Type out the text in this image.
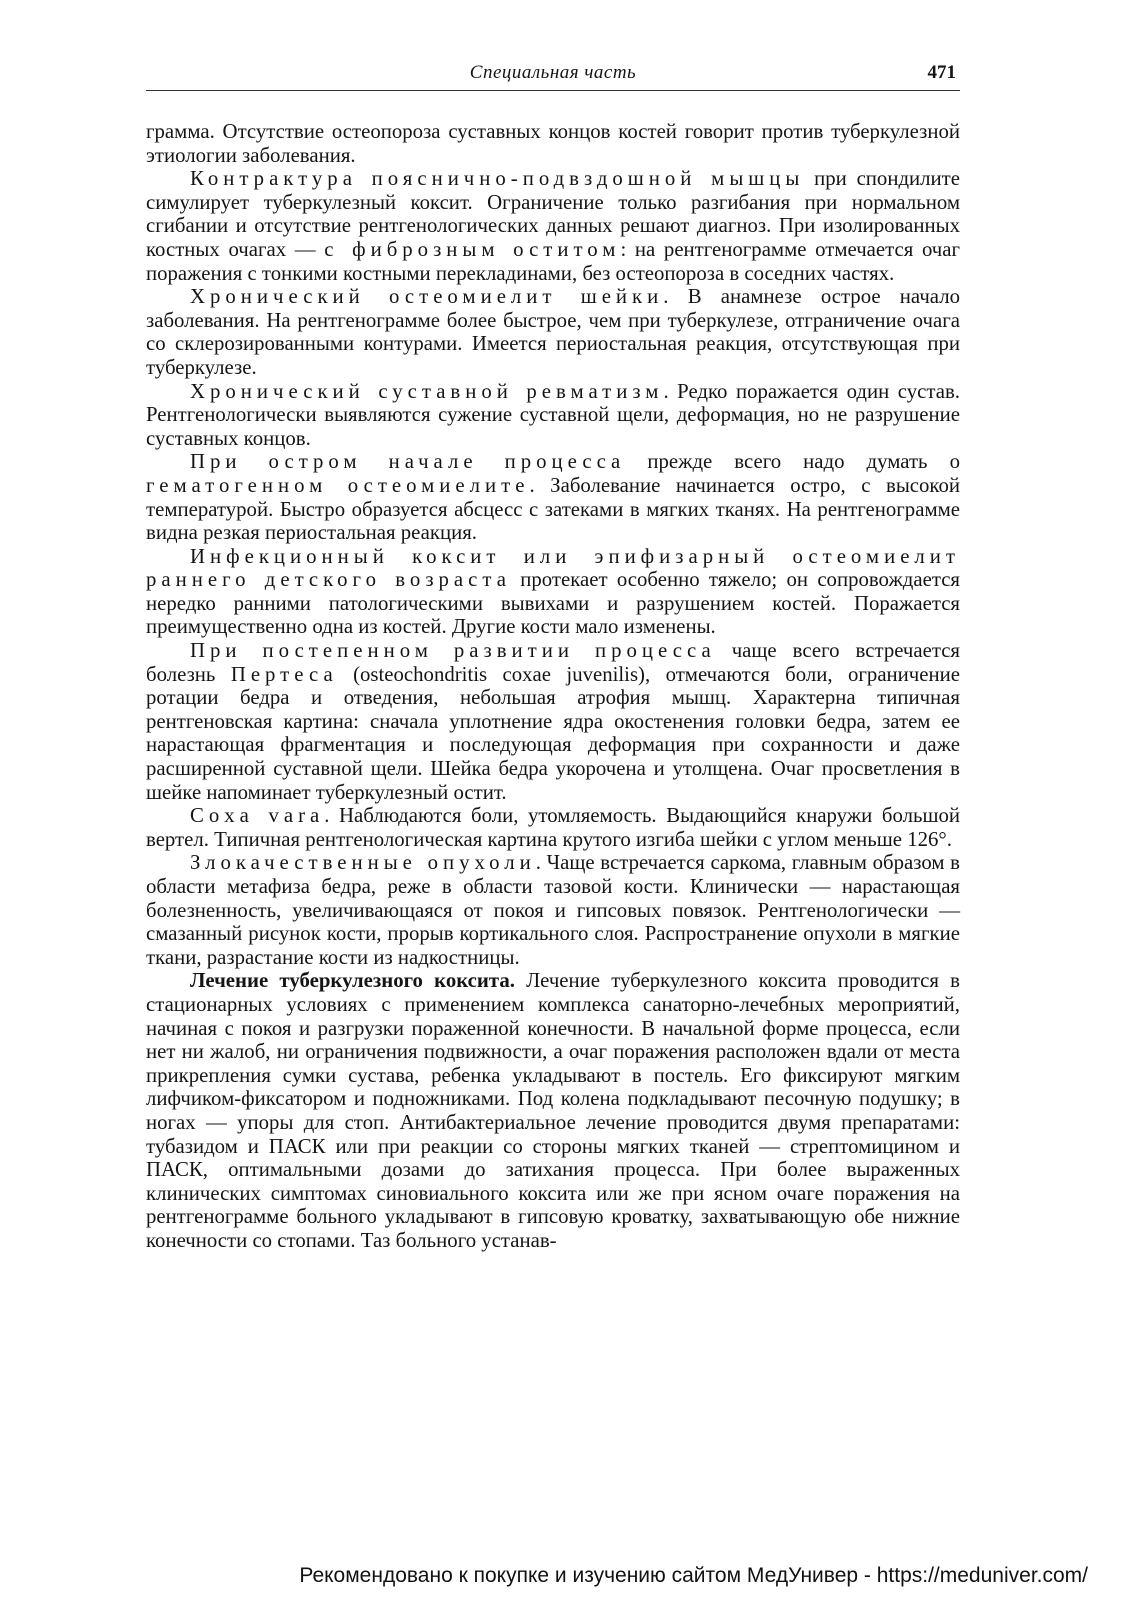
Специальная часть	471

грамма. Отсутствие остеопороза суставных концов костей говорит против туберкулезной этиологии заболевания.

Контрактура пояснично-подвздошной мышцы при спондилите симулирует туберкулезный коксит. Ограничение только разгибания при нормальном сгибании и отсутствие рентгенологических данных решают диагноз. При изолированных костных очагах — с фиброзным оститом: на рентгенограмме отмечается очаг поражения с тонкими костными перекладинами, без остеопороза в соседних частях.

Хронический остеомиелит шейки. В анамнезе острое начало заболевания. На рентгенограмме более быстрое, чем при туберкулезе, отграничение очага со склерозированными контурами. Имеется периостальная реакция, отсутствующая при туберкулезе.

Хронический суставной ревматизм. Редко поражается один сустав. Рентгенологически выявляются сужение суставной щели, деформация, но не разрушение суставных концов.

При остром начале процесса прежде всего надо думать о гематогенном остеомиелите. Заболевание начинается остро, с высокой температурой. Быстро образуется абсцесс с затеками в мягких тканях. На рентгенограмме видна резкая периостальная реакция.

Инфекционный коксит или эпифизарный остеомиелит раннего детского возраста протекает особенно тяжело; он сопровождается нередко ранними патологическими вывихами и разрушением костей. Поражается преимущественно одна из костей. Другие кости мало изменены.

При постепенном развитии процесса чаще всего встречается болезнь Пертеса (osteochondritis coxae juvenilis), отмечаются боли, ограничение ротации бедра и отведения, небольшая атрофия мышц. Характерна типичная рентгеновская картина: сначала уплотнение ядра окостенения головки бедра, затем ее нарастающая фрагментация и последующая деформация при сохранности и даже расширенной суставной щели. Шейка бедра укорочена и утолщена. Очаг просветления в шейке напоминает туберкулезный остит.

Coxa vara. Наблюдаются боли, утомляемость. Выдающийся кнаружи большой вертел. Типичная рентгенологическая картина крутого изгиба шейки с углом меньше 126°.

Злокачественные опухоли. Чаще встречается саркома, главным образом в области метафиза бедра, реже в области тазовой кости. Клинически — нарастающая болезненность, увеличивающаяся от покоя и гипсовых повязок. Рентгенологически — смазанный рисунок кости, прорыв кортикального слоя. Распространение опухоли в мягкие ткани, разрастание кости из надкостницы.

Лечение туберкулезного коксита. Лечение туберкулезного коксита проводится в стационарных условиях с применением комплекса санаторно-лечебных мероприятий, начиная с покоя и разгрузки пораженной конечности. В начальной форме процесса, если нет ни жалоб, ни ограничения подвижности, а очаг поражения расположен вдали от места прикрепления сумки сустава, ребенка укладывают в постель. Его фиксируют мягким лифчиком-фиксатором и подножниками. Под колена подкладывают песочную подушку; в ногах — упоры для стоп. Антибактериальное лечение проводится двумя препаратами: тубазидом и ПАСК или при реакции со стороны мягких тканей — стрептомицином и ПАСК, оптимальными дозами до затихания процесса. При более выраженных клинических симптомах синовиального коксита или же при ясном очаге поражения на рентгенограмме больного укладывают в гипсовую кроватку, захватывающую обе нижние конечности со стопами. Таз больного устанав-

Рекомендовано к покупке и изучению сайтом МедУнивер - https://meduniver.com/
